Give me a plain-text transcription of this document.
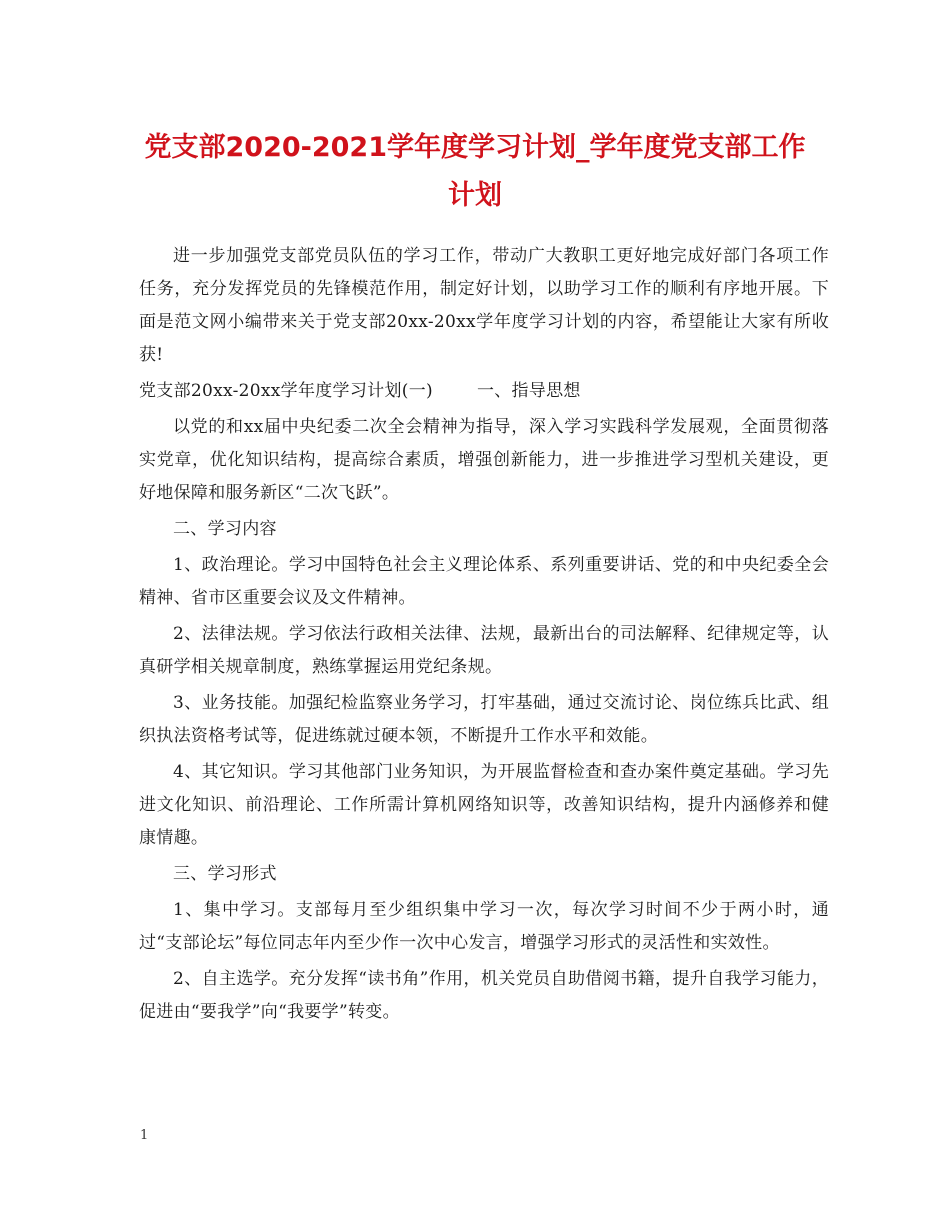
党支部2020-2021学年度学习计划_学年度党支部工作
计划

进一步加强党支部党员队伍的学习工作，带动广大教职工更好地完成好部门各项工作任务，充分发挥党员的先锋模范作用，制定好计划，以助学习工作的顺利有序地开展。下面是范文网小编带来关于党支部20xx-20xx学年度学习计划的内容，希望能让大家有所收获!

党支部20xx-20xx学年度学习计划(一)	一、指导思想

以党的和xx届中央纪委二次全会精神为指导，深入学习实践科学发展观，全面贯彻落实党章，优化知识结构，提高综合素质，增强创新能力，进一步推进学习型机关建设，更好地保障和服务新区“二次飞跃”。

二、学习内容

1、政治理论。学习中国特色社会主义理论体系、系列重要讲话、党的和中央纪委全会精神、省市区重要会议及文件精神。

2、法律法规。学习依法行政相关法律、法规，最新出台的司法解释、纪律规定等，认真研学相关规章制度，熟练掌握运用党纪条规。

3、业务技能。加强纪检监察业务学习，打牢基础，通过交流讨论、岗位练兵比武、组织执法资格考试等，促进练就过硬本领，不断提升工作水平和效能。

4、其它知识。学习其他部门业务知识，为开展监督检查和查办案件奠定基础。学习先进文化知识、前沿理论、工作所需计算机网络知识等，改善知识结构，提升内涵修养和健康情趣。

三、学习形式

1、集中学习。支部每月至少组织集中学习一次，每次学习时间不少于两小时，通过“支部论坛”每位同志年内至少作一次中心发言，增强学习形式的灵活性和实效性。

2、自主选学。充分发挥“读书角”作用，机关党员自助借阅书籍，提升自我学习能力，促进由“要我学”向“我要学”转变。

1
